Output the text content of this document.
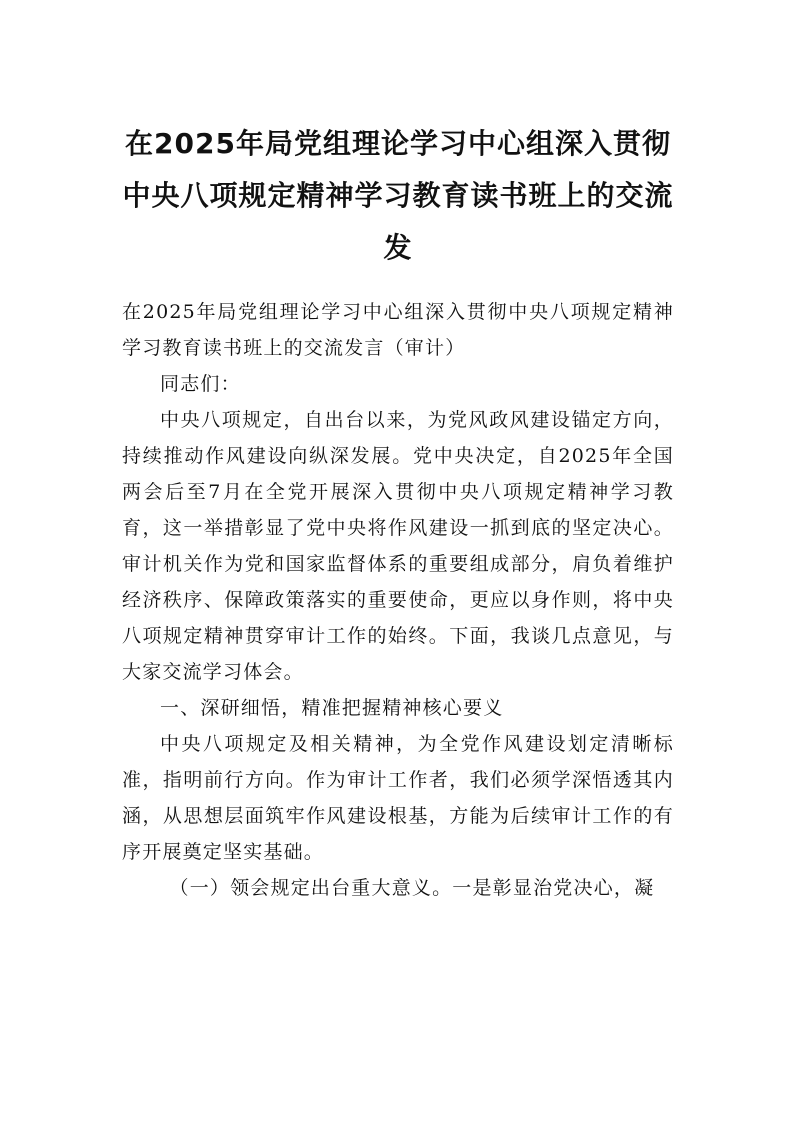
在2025年局党组理论学习中心组深入贯彻中央八项规定精神学习教育读书班上的交流发

在2025年局党组理论学习中心组深入贯彻中央八项规定精神学习教育读书班上的交流发言（审计）

同志们：

中央八项规定，自出台以来，为党风政风建设锚定方向，持续推动作风建设向纵深发展。党中央决定，自2025年全国两会后至7月在全党开展深入贯彻中央八项规定精神学习教育，这一举措彰显了党中央将作风建设一抓到底的坚定决心。审计机关作为党和国家监督体系的重要组成部分，肩负着维护经济秩序、保障政策落实的重要使命，更应以身作则，将中央八项规定精神贯穿审计工作的始终。下面，我谈几点意见，与大家交流学习体会。

一、深研细悟，精准把握精神核心要义

中央八项规定及相关精神，为全党作风建设划定清晰标准，指明前行方向。作为审计工作者，我们必须学深悟透其内涵，从思想层面筑牢作风建设根基，方能为后续审计工作的有序开展奠定坚实基础。

（一）领会规定出台重大意义。一是彰显治党决心，凝
